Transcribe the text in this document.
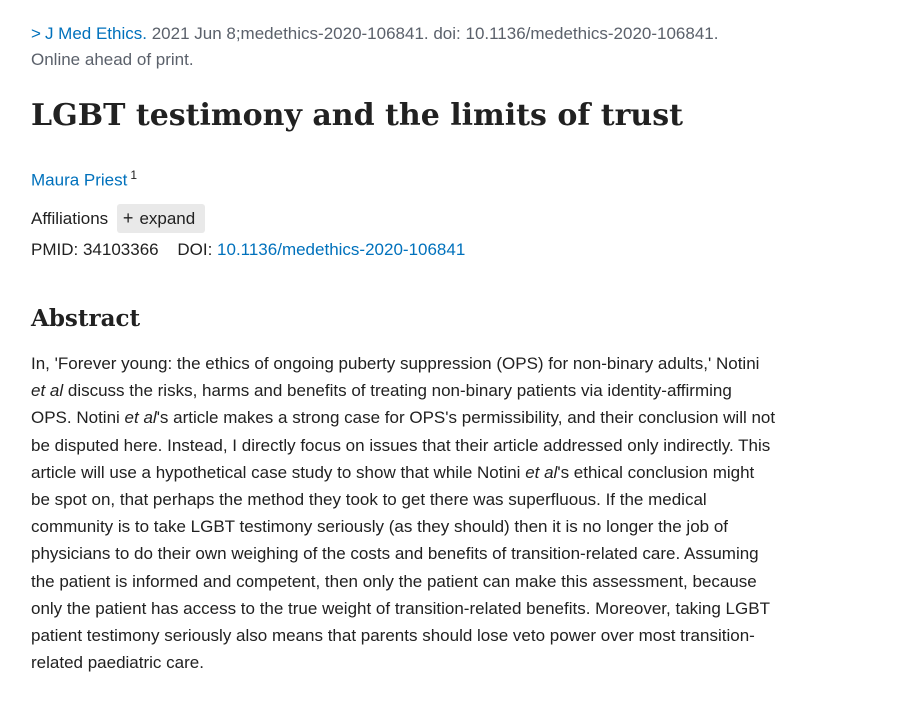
> J Med Ethics. 2021 Jun 8;medethics-2020-106841. doi: 10.1136/medethics-2020-106841.
Online ahead of print.
LGBT testimony and the limits of trust
Maura Priest $^1$
Affiliations + expand
PMID: 34103366 DOI: 10.1136/medethics-2020-106841
Abstract

In, 'Forever young: the ethics of ongoing puberty suppression (OPS) for non-binary adults,' Notini
et al discuss the risks, harms and benefits of treating non-binary patients via identity-affirming
OPS. Notini et al's article makes a strong case for OPS's permissibility, and their conclusion will not
be disputed here. Instead, I directly focus on issues that their article addressed only indirectly. This
article will use a hypothetical case study to show that while Notini et al's ethical conclusion might
be spot on, that perhaps the method they took to get there was superfluous. If the medical
community is to take LGBT testimony seriously (as they should) then it is no longer the job of
physicians to do their own weighing of the costs and benefits of transition-related care. Assuming
the patient is informed and competent, then only the patient can make this assessment, because
only the patient has access to the true weight of transition-related benefits. Moreover, taking LGBT
patient testimony seriously also means that parents should lose veto power over most transition-
related paediatric care.
